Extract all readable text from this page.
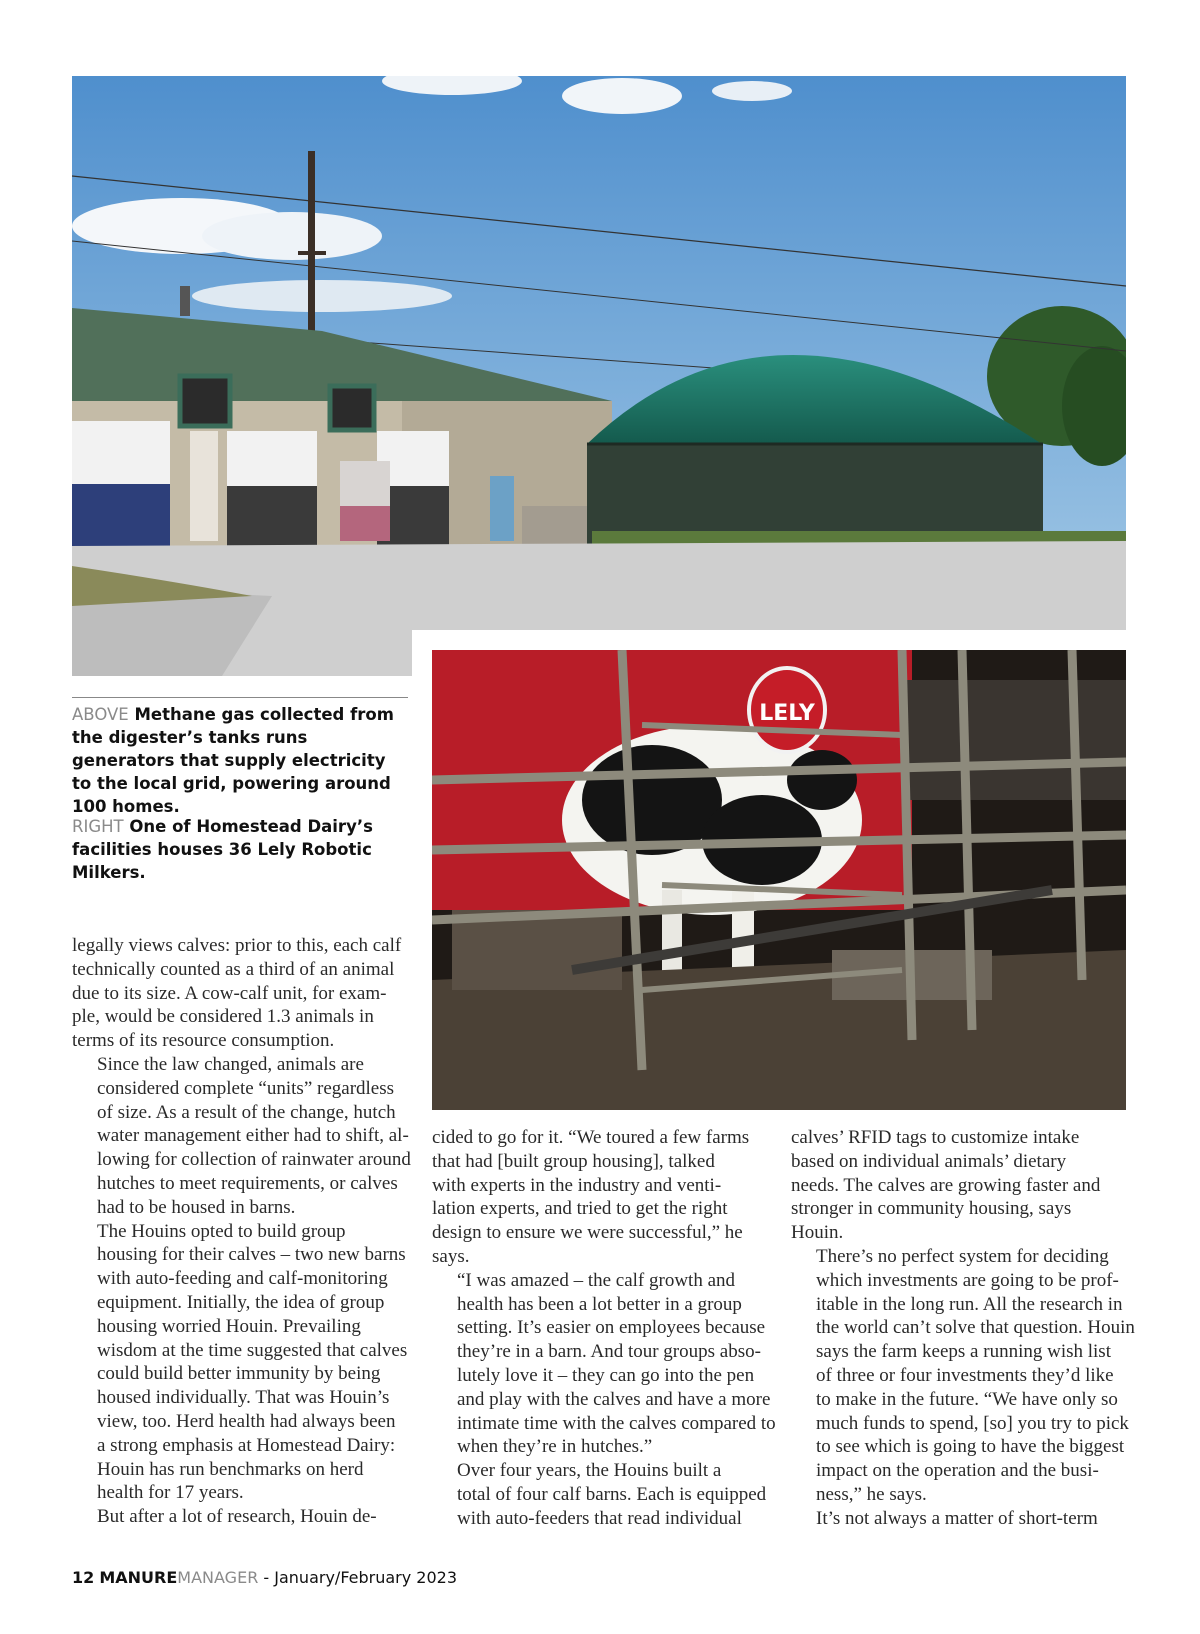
LELY
ABOVE Methane gas collected from the digester’s tanks runs generators that supply electricity to the local grid, powering around 100 homes.
RIGHT One of Homestead Dairy’s facilities houses 36 Lely Robotic Milkers.

legally views calves: prior to this, each calf
technically counted as a third of an animal
due to its size. A cow-calf unit, for exam-
ple, would be considered 1.3 animals in
terms of its resource consumption.

Since the law changed, animals are
considered complete “units” regardless
of size. As a result of the change, hutch
water management either had to shift, al-
lowing for collection of rainwater around
hutches to meet requirements, or calves
had to be housed in barns.

The Houins opted to build group
housing for their calves – two new barns
with auto-feeding and calf-monitoring
equipment. Initially, the idea of group
housing worried Houin. Prevailing
wisdom at the time suggested that calves
could build better immunity by being
housed individually. That was Houin’s
view, too. Herd health had always been
a strong emphasis at Homestead Dairy:
Houin has run benchmarks on herd
health for 17 years.

But after a lot of research, Houin de-

cided to go for it. “We toured a few farms
that had [built group housing], talked
with experts in the industry and venti-
lation experts, and tried to get the right
design to ensure we were successful,” he
says.

“I was amazed – the calf growth and
health has been a lot better in a group
setting. It’s easier on employees because
they’re in a barn. And tour groups abso-
lutely love it – they can go into the pen
and play with the calves and have a more
intimate time with the calves compared to
when they’re in hutches.”

Over four years, the Houins built a
total of four calf barns. Each is equipped
with auto-feeders that read individual

calves’ RFID tags to customize intake
based on individual animals’ dietary
needs. The calves are growing faster and
stronger in community housing, says
Houin.

There’s no perfect system for deciding
which investments are going to be prof-
itable in the long run. All the research in
the world can’t solve that question. Houin
says the farm keeps a running wish list
of three or four investments they’d like
to make in the future. “We have only so
much funds to spend, [so] you try to pick
to see which is going to have the biggest
impact on the operation and the busi-
ness,” he says.

It’s not always a matter of short-term

12 MANUREMANAGER - January/February 2023
